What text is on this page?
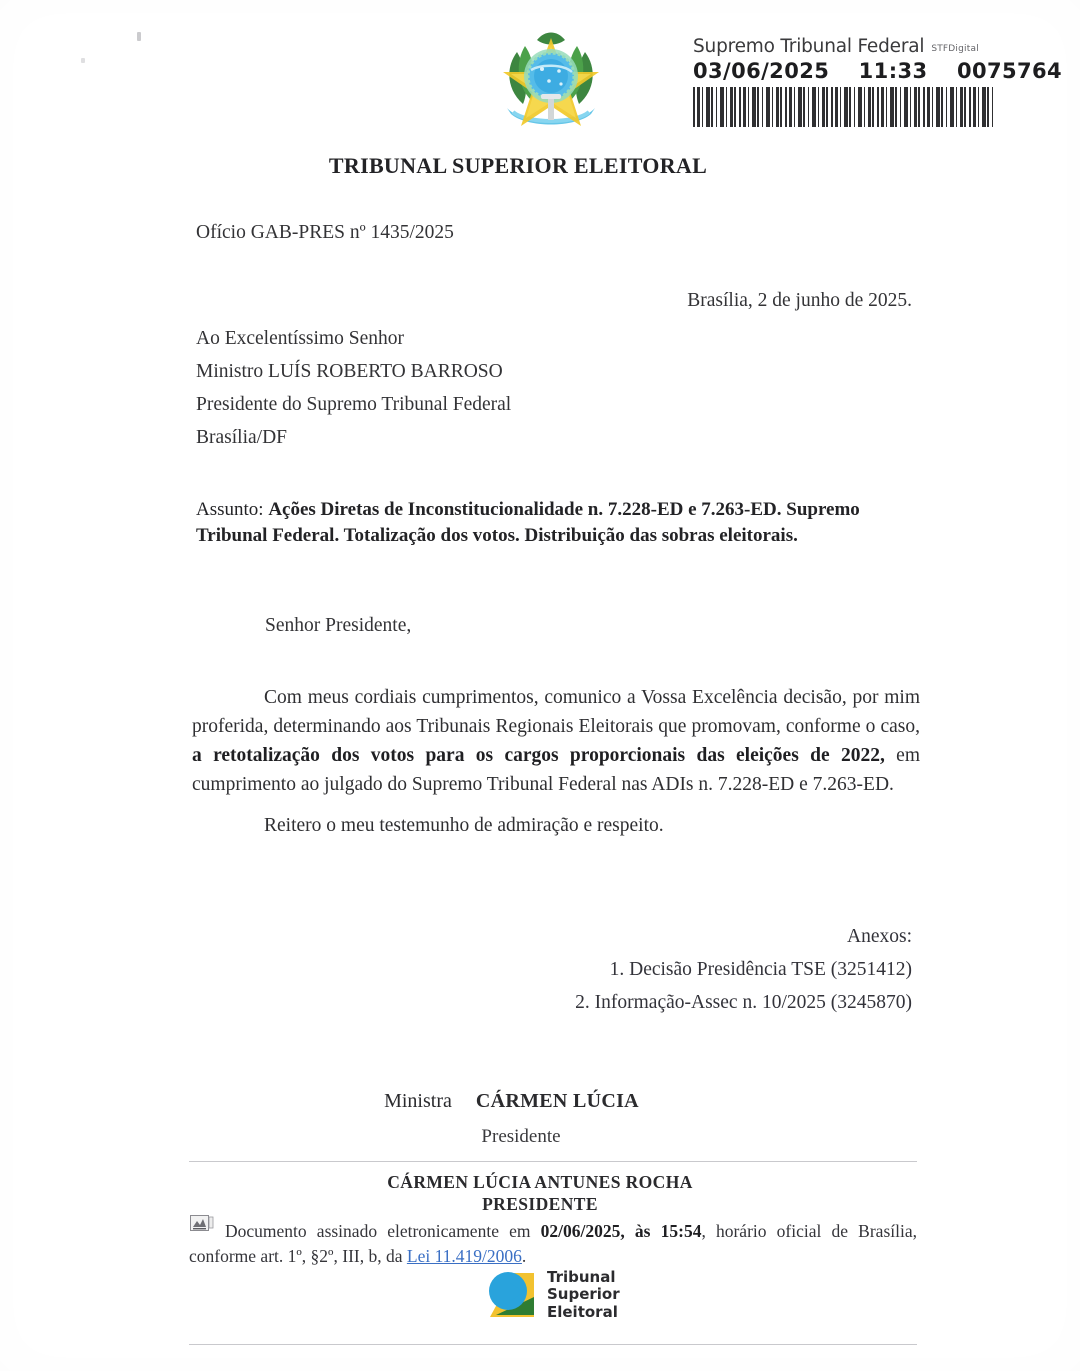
Supremo Tribunal Federal STFDigital
03/06/2025 11:33 0075764
TRIBUNAL SUPERIOR ELEITORAL
Ofício GAB-PRES nº 1435/2025
Brasília, 2 de junho de 2025.
Ao Excelentíssimo Senhor
Ministro LUÍS ROBERTO BARROSO
Presidente do Supremo Tribunal Federal
Brasília/DF
Assunto: Ações Diretas de Inconstitucionalidade n. 7.228-ED e 7.263-ED. Supremo Tribunal Federal. Totalização dos votos. Distribuição das sobras eleitorais.
Senhor Presidente,
Com meus cordiais cumprimentos, comunico a Vossa Excelência decisão, por mim proferida, determinando aos Tribunais Regionais Eleitorais que promovam, conforme o caso, a retotalização dos votos para os cargos proporcionais das eleições de 2022, em cumprimento ao julgado do Supremo Tribunal Federal nas ADIs n. 7.228-ED e 7.263-ED.
Reitero o meu testemunho de admiração e respeito.
Anexos:
1. Decisão Presidência TSE (3251412)
2. Informação-Assec n. 10/2025 (3245870)
Ministra CÁRMEN LÚCIA
Presidente
CÁRMEN LÚCIA ANTUNES ROCHA
PRESIDENTE
Documento assinado eletronicamente em 02/06/2025, às 15:54, horário oficial de Brasília, conforme art. 1º, §2º, III, b, da Lei 11.419/2006.
Tribunal
Superior
Eleitoral
